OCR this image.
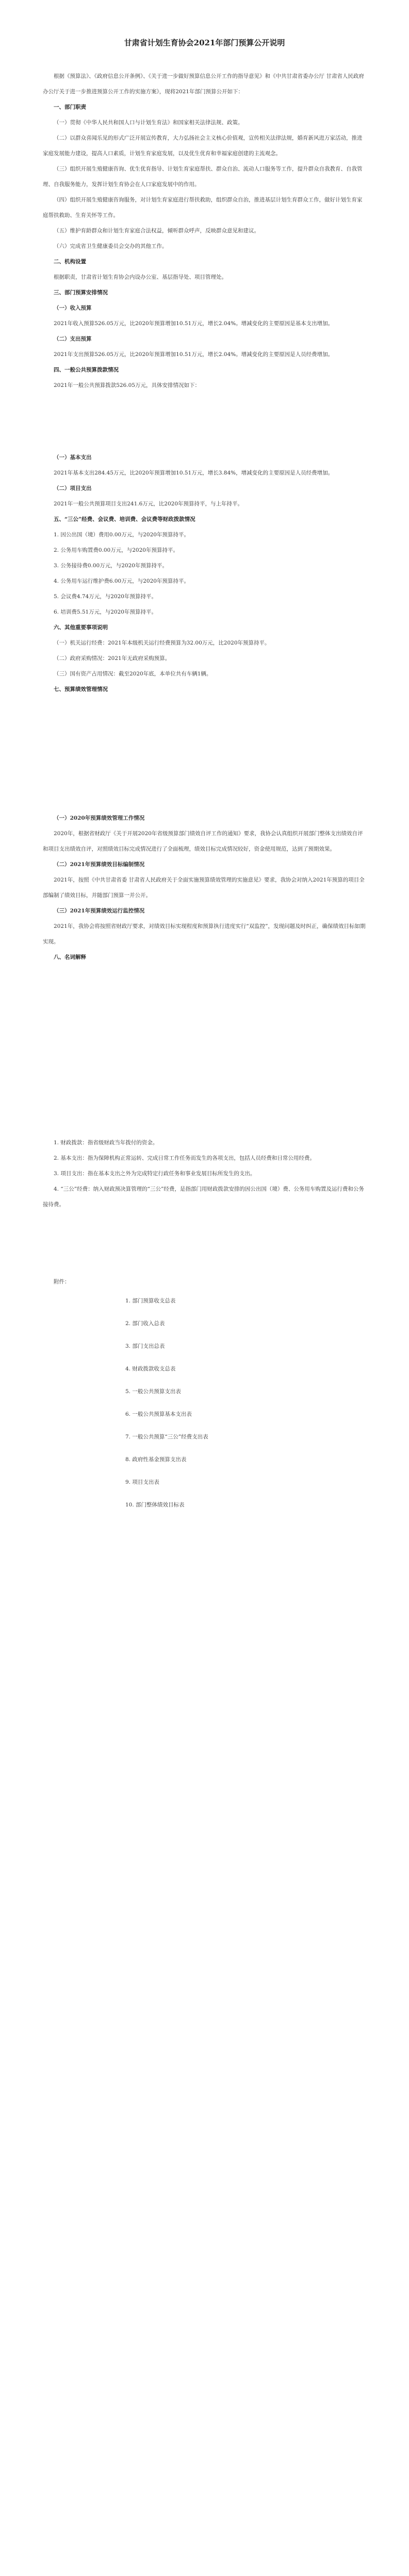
甘肃省计划生育协会2021年部门预算公开说明

根据《预算法》、《政府信息公开条例》、《关于进一步做好预算信息公开工作的指导意见》和《中共甘肃省委办公厅 甘肃省人民政府办公厅关于进一步推进预算公开工作的实施方案》，现将2021年部门预算公开如下：

一、部门职责

（一）贯彻《中华人民共和国人口与计划生育法》和国家相关法律法规、政策。

（二）以群众喜闻乐见的形式广泛开展宣传教育，大力弘扬社会主义核心价值观，宣传相关法律法规，婚育新风进万家活动，推进家庭发展能力建设，提高人口素质，计划生育家庭发展，以及优生优育和幸福家庭创建的主流观念。

（三）组织开展生殖健康咨询、优生优育指导、计划生育家庭帮扶、群众自治、流动人口服务等工作，提升群众自我教育、自我管理、自我服务能力，发挥计划生育协会在人口家庭发展中的作用。

（四）组织开展生殖健康咨询服务，对计划生育家庭进行帮扶救助，组织群众自治，推进基层计划生育群众工作，做好计划生育家庭帮扶救助、生育关怀等工作。

（五）维护育龄群众和计划生育家庭合法权益，倾听群众呼声，反映群众意见和建议。

（六）完成省卫生健康委员会交办的其他工作。

二、机构设置

根据职责，甘肃省计划生育协会内设办公室、基层指导处、项目管理处。

三、部门预算安排情况

（一）收入预算

2021年收入预算526.05万元，比2020年预算增加10.51万元，增长2.04%。增减变化的主要原因是基本支出增加。

（二）支出预算

2021年支出预算526.05万元，比2020年预算增加10.51万元，增长2.04%。增减变化的主要原因是人员经费增加。

四、一般公共预算拨款情况

2021年一般公共预算拨款526.05万元，具体安排情况如下：

（一）基本支出

2021年基本支出284.45万元，比2020年预算增加10.51万元，增长3.84%，增减变化的主要原因是人员经费增加。

（二）项目支出

2021年一般公共预算项目支出241.6万元，比2020年预算持平，与上年持平。

五、“三公”经费、会议费、培训费、会议费等财政拨款情况

1. 因公出国（境）费用0.00万元，与2020年预算持平。

2. 公务用车购置费0.00万元，与2020年预算持平。

3. 公务接待费0.00万元，与2020年预算持平。

4. 公务用车运行维护费6.00万元，与2020年预算持平。

5. 会议费4.74万元，与2020年预算持平。

6. 培训费5.51万元，与2020年预算持平。

六、其他重要事项说明

（一）机关运行经费：2021年本级机关运行经费预算为32.00万元，比2020年预算持平。

（二）政府采购情况：2021年无政府采购预算。

（三）国有资产占用情况：截至2020年底，本单位共有车辆1辆。

七、预算绩效管理情况

（一）2020年预算绩效管理工作情况

2020年，根据省财政厅《关于开展2020年省级预算部门绩效自评工作的通知》要求，我协会认真组织开展部门整体支出绩效自评和项目支出绩效自评，对照绩效目标完成情况进行了全面梳理，绩效目标完成情况较好，资金使用规范，达到了预期效果。

（二）2021年预算绩效目标编制情况

2021年，按照《中共甘肃省委 甘肃省人民政府关于全面实施预算绩效管理的实施意见》要求，我协会对纳入2021年预算的项目全部编制了绩效目标，并随部门预算一并公开。

（三）2021年预算绩效运行监控情况

2021年，我协会将按照省财政厅要求，对绩效目标实现程度和预算执行进度实行“双监控”，发现问题及时纠正，确保绩效目标如期实现。

八、名词解释

1. 财政拨款：指省级财政当年拨付的资金。

2. 基本支出：指为保障机构正常运转、完成日常工作任务而发生的各项支出，包括人员经费和日常公用经费。

3. 项目支出：指在基本支出之外为完成特定行政任务和事业发展目标所发生的支出。

4. “三公”经费：纳入财政预决算管理的“三公”经费，是指部门用财政拨款安排的因公出国（境）费、公务用车购置及运行费和公务接待费。

附件：

1. 部门预算收支总表

2. 部门收入总表

3. 部门支出总表

4. 财政拨款收支总表

5. 一般公共预算支出表

6. 一般公共预算基本支出表

7. 一般公共预算“三公”经费支出表

8. 政府性基金预算支出表

9. 项目支出表

10. 部门整体绩效目标表
